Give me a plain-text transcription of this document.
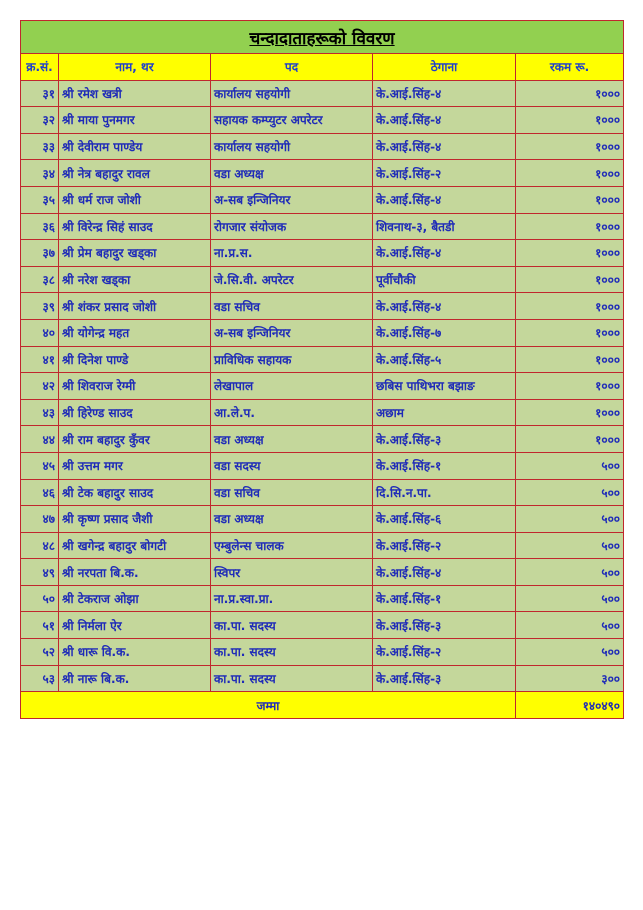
चन्दादाताहरूको विवरण				
क्र.सं.	नाम, थर	पद	ठेगाना	रकम रू.
३१	श्री रमेश खत्री	कार्यालय सहयोगी	के.आई.सिंह-४	१०००
३२	श्री माया पुनमगर	सहायक कम्प्युटर अपरेटर	के.आई.सिंह-४	१०००
३३	श्री देवीराम पाण्डेय	कार्यालय सहयोगी	के.आई.सिंह-४	१०००
३४	श्री नेत्र बहादुर रावल	वडा अध्यक्ष	के.आई.सिंह-२	१०००
३५	श्री धर्म राज जोशी	अ-सब इन्जिनियर	के.आई.सिंह-४	१०००
३६	श्री विरेन्द्र सिहं साउद	रोगजार संयोजक	शिवनाथ-३, बैतडी	१०००
३७	श्री प्रेम बहादुर खड्का	ना.प्र.स.	के.आई.सिंह-४	१०००
३८	श्री नरेश खड्का	जे.सि.वी. अपरेटर	पूर्वीचौकी	१०००
३९	श्री शंकर प्रसाद जोशी	वडा सचिव	के.आई.सिंह-४	१०००
४०	श्री योगेन्द्र महत	अ-सब इन्जिनियर	के.आई.सिंह-७	१०००
४१	श्री दिनेश पाण्डे	प्राविधिक सहायक	के.आई.सिंह-५	१०००
४२	श्री शिवराज रेग्मी	लेखापाल	छबिस पाथिभरा बझाङ	१०००
४३	श्री हिरेण्ड साउद	आ.ले.प.	अछाम	१०००
४४	श्री राम बहादुर कुँवर	वडा अध्यक्ष	के.आई.सिंह-३	१०००
४५	श्री उत्तम मगर	वडा सदस्य	के.आई.सिंह-१	५००
४६	श्री टेक बहादुर साउद	वडा सचिव	दि.सि.न.पा.	५००
४७	श्री कृष्ण प्रसाद जैशी	वडा अध्यक्ष	के.आई.सिंह-६	५००
४८	श्री खगेन्द्र बहादुर बोगटी	एम्बुलेन्स चालक	के.आई.सिंह-२	५००
४९	श्री नरपता बि.क.	स्विपर	के.आई.सिंह-४	५००
५०	श्री टेकराज ओझा	ना.प्र.स्वा.प्रा.	के.आई.सिंह-१	५००
५१	श्री निर्मला ऐर	का.पा. सदस्य	के.आई.सिंह-३	५००
५२	श्री धारू वि.क.	का.पा. सदस्य	के.आई.सिंह-२	५००
५३	श्री नारू बि.क.	का.पा. सदस्य	के.आई.सिंह-३	३००
जम्मा				१४०४९०
